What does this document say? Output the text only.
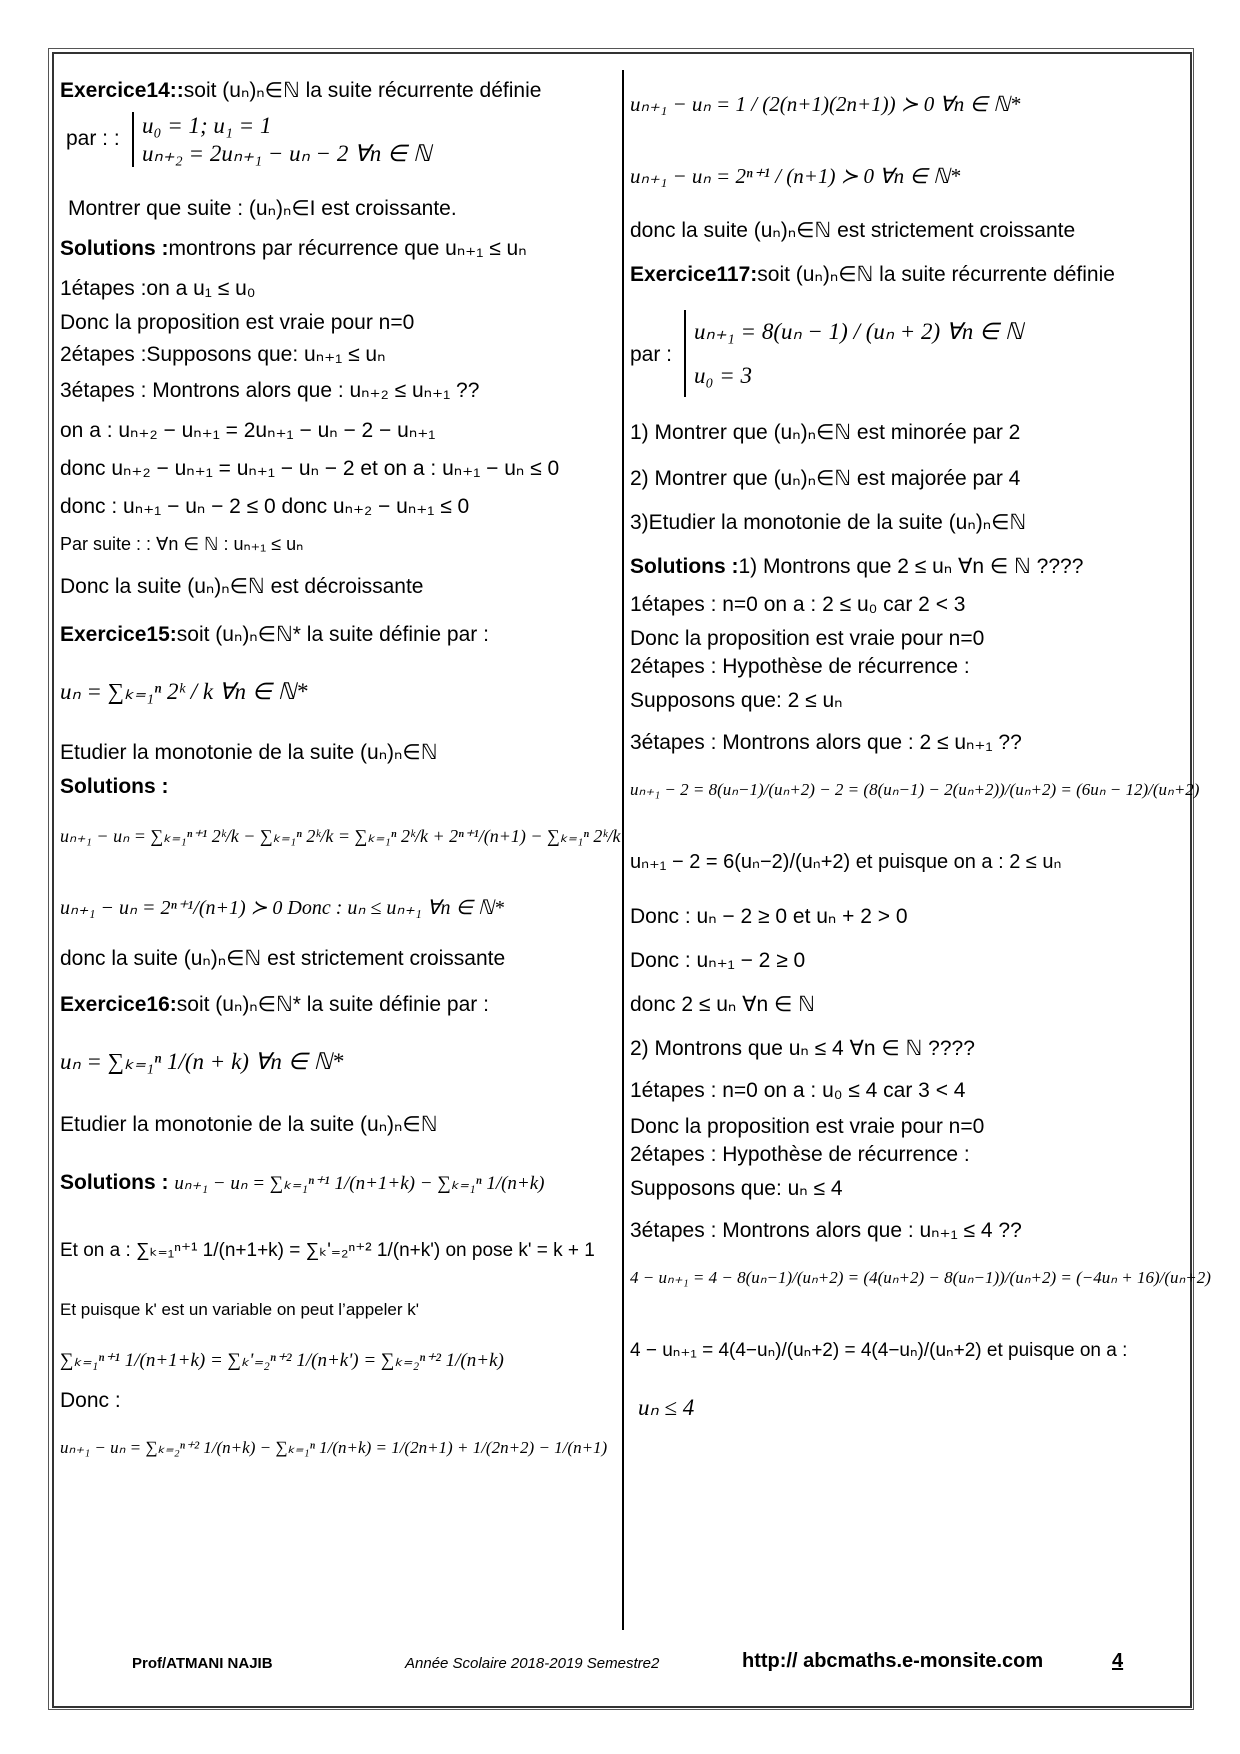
Exercice14::soit (uₙ)ₙ∈ℕ la suite récurrente définie
par : :
u₀ = 1; u₁ = 1
uₙ₊₂ = 2uₙ₊₁ − uₙ − 2 ∀n ∈ ℕ
Montrer que suite : (uₙ)ₙ∈I est croissante.
Solutions :montrons par récurrence que uₙ₊₁ ≤ uₙ
1étapes :on a u₁ ≤ u₀
Donc la proposition est vraie pour n=0
2étapes :Supposons que: uₙ₊₁ ≤ uₙ
3étapes : Montrons alors que : uₙ₊₂ ≤ uₙ₊₁ ??
on a : uₙ₊₂ − uₙ₊₁ = 2uₙ₊₁ − uₙ − 2 − uₙ₊₁
donc uₙ₊₂ − uₙ₊₁ = uₙ₊₁ − uₙ − 2 et on a : uₙ₊₁ − uₙ ≤ 0
donc : uₙ₊₁ − uₙ − 2 ≤ 0 donc uₙ₊₂ − uₙ₊₁ ≤ 0
Par suite : : ∀n ∈ ℕ : uₙ₊₁ ≤ uₙ
Donc la suite (uₙ)ₙ∈ℕ est décroissante
Exercice15:soit (uₙ)ₙ∈ℕ* la suite définie par :
uₙ = ∑ₖ₌₁ⁿ 2ᵏ / k ∀n ∈ ℕ*
Etudier la monotonie de la suite (uₙ)ₙ∈ℕ
Solutions :
uₙ₊₁ − uₙ = ∑ₖ₌₁ⁿ⁺¹ 2ᵏ/k − ∑ₖ₌₁ⁿ 2ᵏ/k = ∑ₖ₌₁ⁿ 2ᵏ/k + 2ⁿ⁺¹/(n+1) − ∑ₖ₌₁ⁿ 2ᵏ/k
uₙ₊₁ − uₙ = 2ⁿ⁺¹/(n+1) ≻ 0 Donc : uₙ ≤ uₙ₊₁ ∀n ∈ ℕ*
donc la suite (uₙ)ₙ∈ℕ est strictement croissante
Exercice16:soit (uₙ)ₙ∈ℕ* la suite définie par :
uₙ = ∑ₖ₌₁ⁿ 1/(n + k) ∀n ∈ ℕ*
Etudier la monotonie de la suite (uₙ)ₙ∈ℕ
Solutions : uₙ₊₁ − uₙ = ∑ₖ₌₁ⁿ⁺¹ 1/(n+1+k) − ∑ₖ₌₁ⁿ 1/(n+k)
Et on a : ∑ₖ₌₁ⁿ⁺¹ 1/(n+1+k) = ∑ₖ'₌₂ⁿ⁺² 1/(n+k') on pose k' = k + 1
Et puisque k' est un variable on peut l’appeler k'
∑ₖ₌₁ⁿ⁺¹ 1/(n+1+k) = ∑ₖ'₌₂ⁿ⁺² 1/(n+k') = ∑ₖ₌₂ⁿ⁺² 1/(n+k)
Donc :
uₙ₊₁ − uₙ = ∑ₖ₌₂ⁿ⁺² 1/(n+k) − ∑ₖ₌₁ⁿ 1/(n+k) = 1/(2n+1) + 1/(2n+2) − 1/(n+1)
uₙ₊₁ − uₙ = 1 / (2(n+1)(2n+1)) ≻ 0 ∀n ∈ ℕ*
uₙ₊₁ − uₙ = 2ⁿ⁺¹ / (n+1) ≻ 0 ∀n ∈ ℕ*
donc la suite (uₙ)ₙ∈ℕ est strictement croissante
Exercice117:soit (uₙ)ₙ∈ℕ la suite récurrente définie
par :
uₙ₊₁ = 8(uₙ − 1) / (uₙ + 2) ∀n ∈ ℕ
u₀ = 3
1) Montrer que (uₙ)ₙ∈ℕ est minorée par 2
2) Montrer que (uₙ)ₙ∈ℕ est majorée par 4
3)Etudier la monotonie de la suite (uₙ)ₙ∈ℕ
Solutions :1) Montrons que 2 ≤ uₙ ∀n ∈ ℕ ????
1étapes : n=0 on a : 2 ≤ u₀ car 2 < 3
Donc la proposition est vraie pour n=0
2étapes : Hypothèse de récurrence :
Supposons que: 2 ≤ uₙ
3étapes : Montrons alors que : 2 ≤ uₙ₊₁ ??
uₙ₊₁ − 2 = 8(uₙ−1)/(uₙ+2) − 2 = (8(uₙ−1) − 2(uₙ+2))/(uₙ+2) = (6uₙ − 12)/(uₙ+2)
uₙ₊₁ − 2 = 6(uₙ−2)/(uₙ+2) et puisque on a : 2 ≤ uₙ
Donc : uₙ − 2 ≥ 0 et uₙ + 2 > 0
Donc : uₙ₊₁ − 2 ≥ 0
donc 2 ≤ uₙ ∀n ∈ ℕ
2) Montrons que uₙ ≤ 4 ∀n ∈ ℕ ????
1étapes : n=0 on a : u₀ ≤ 4 car 3 < 4
Donc la proposition est vraie pour n=0
2étapes : Hypothèse de récurrence :
Supposons que: uₙ ≤ 4
3étapes : Montrons alors que : uₙ₊₁ ≤ 4 ??
4 − uₙ₊₁ = 4 − 8(uₙ−1)/(uₙ+2) = (4(uₙ+2) − 8(uₙ−1))/(uₙ+2) = (−4uₙ + 16)/(uₙ+2)
4 − uₙ₊₁ = 4(4−uₙ)/(uₙ+2) = 4(4−uₙ)/(uₙ+2) et puisque on a :
uₙ ≤ 4
Prof/ATMANI NAJIB	Année Scolaire 2018-2019 Semestre2	http:// abcmaths.e-monsite.com	4
